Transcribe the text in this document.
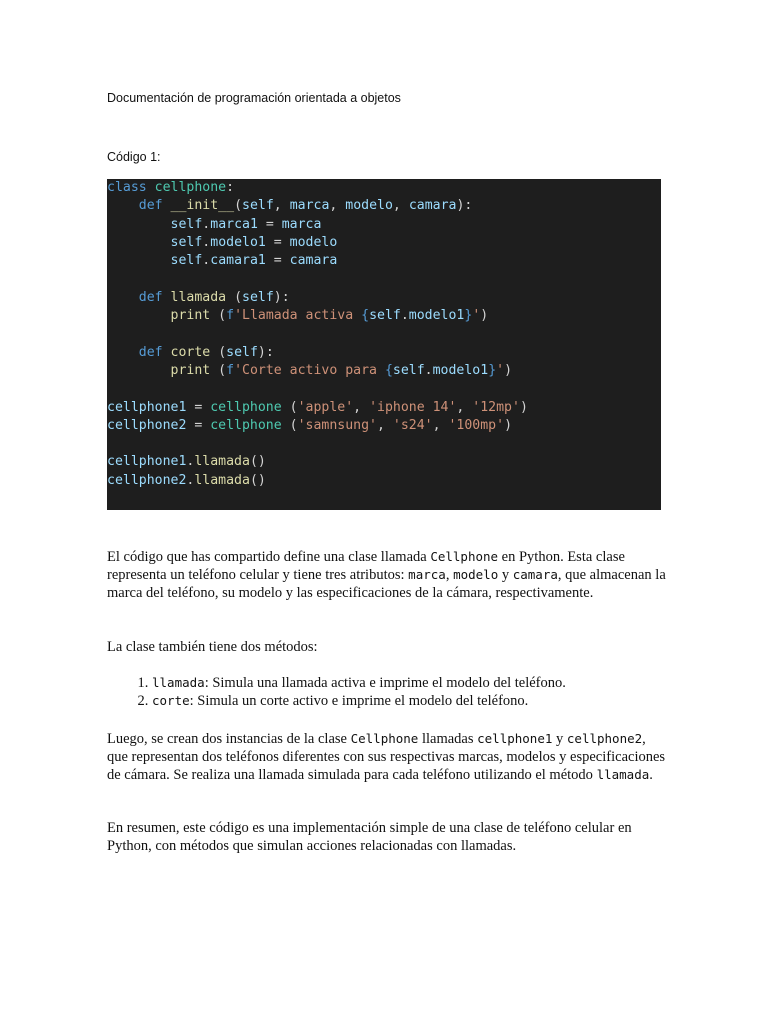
Documentación de programación orientada a objetos
Código 1:
class cellphone:
def __init__(self, marca, modelo, camara):
self.marca1 = marca
self.modelo1 = modelo
self.camara1 = camara

def llamada (self):
print (f'Llamada activa {self.modelo1}')

def corte (self):
print (f'Corte activo para {self.modelo1}')

cellphone1 = cellphone ('apple', 'iphone 14', '12mp')
cellphone2 = cellphone ('samnsung', 's24', '100mp')

cellphone1.llamada()
cellphone2.llamada()
El código que has compartido define una clase llamada Cellphone en Python. Esta clase representa un teléfono celular y tiene tres atributos: marca, modelo y camara, que almacenan la marca del teléfono, su modelo y las especificaciones de la cámara, respectivamente.
La clase también tiene dos métodos:
1. llamada: Simula una llamada activa e imprime el modelo del teléfono.
2. corte: Simula un corte activo e imprime el modelo del teléfono.
Luego, se crean dos instancias de la clase Cellphone llamadas cellphone1 y cellphone2, que representan dos teléfonos diferentes con sus respectivas marcas, modelos y especificaciones de cámara. Se realiza una llamada simulada para cada teléfono utilizando el método llamada.
En resumen, este código es una implementación simple de una clase de teléfono celular en Python, con métodos que simulan acciones relacionadas con llamadas.
